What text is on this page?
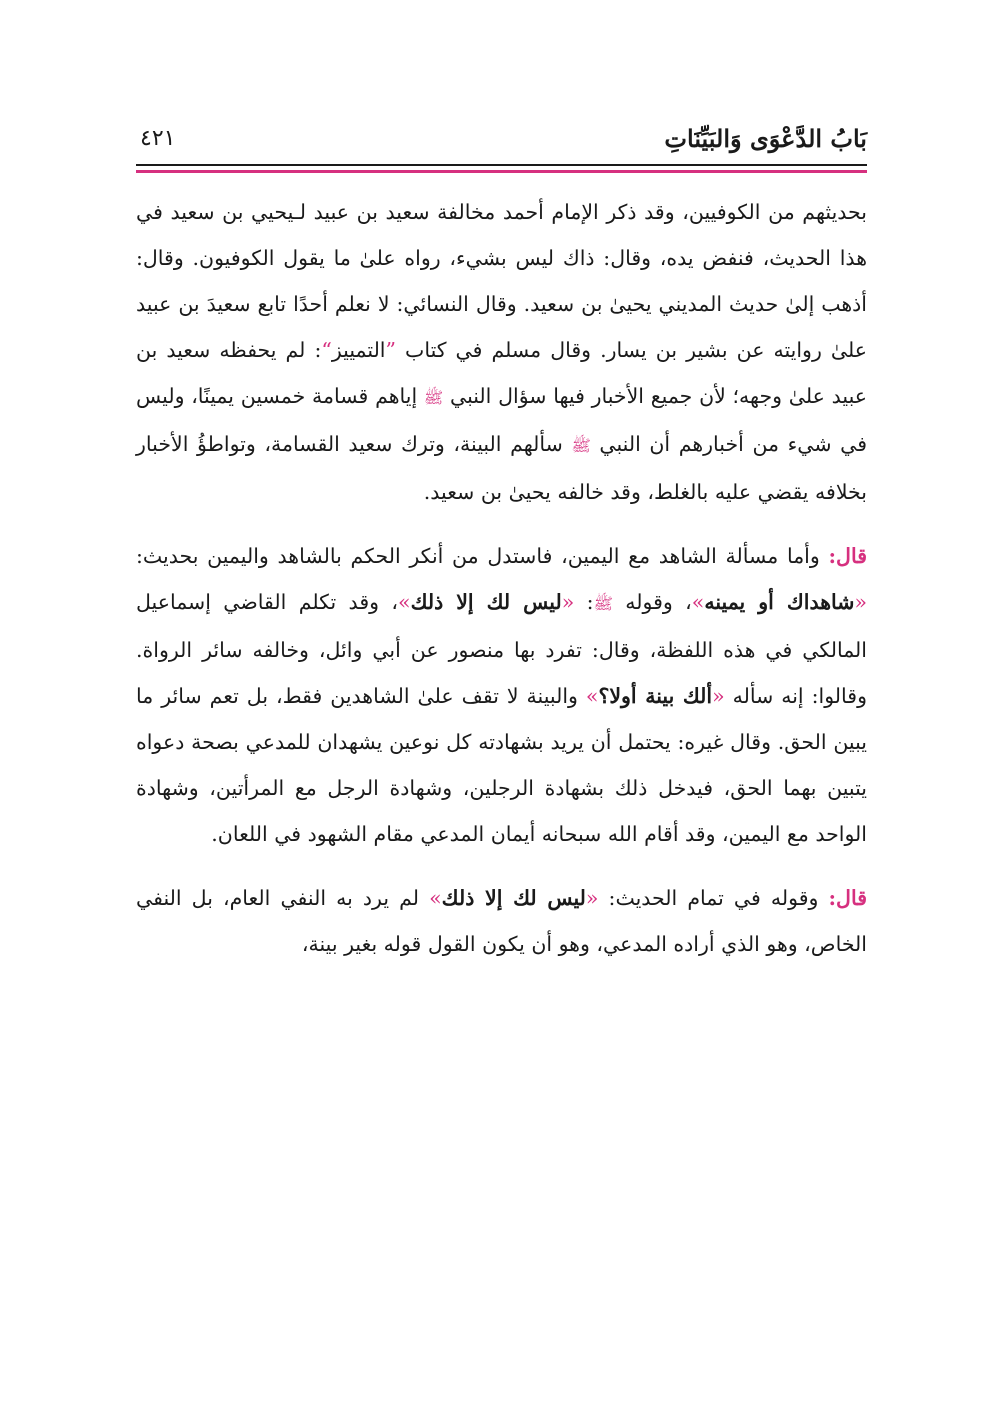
بَابُ الدَّعْوَى وَالبَيِّنَاتِ
٤٢١

بحديثهم من الكوفيين، وقد ذكر الإمام أحمد مخالفة سعيد بن عبيد لـيحيي بن سعيد في هذا الحديث، فنفض يده، وقال: ذاك ليس بشيء، رواه علىٰ ما يقول الكوفيون. وقال: أذهب إلىٰ حديث المديني يحيىٰ بن سعيد. وقال النسائي: لا نعلم أحدًا تابع سعيدَ بن عبيد علىٰ روايته عن بشير بن يسار. وقال مسلم في كتاب ”التمييز“: لم يحفظه سعيد بن عبيد علىٰ وجهه؛ لأن جميع الأخبار فيها سؤال النبي ﷺ إياهم قسامة خمسين يمينًا، وليس في شيء من أخبارهم أن النبي ﷺ سألهم البينة، وترك سعيد القسامة، وتواطؤُ الأخبار بخلافه يقضي عليه بالغلط، وقد خالفه يحيىٰ بن سعيد.

قال: وأما مسألة الشاهد مع اليمين، فاستدل من أنكر الحكم بالشاهد واليمين بحديث: «شاهداك أو يمينه»، وقوله ﷺ: «ليس لك إلا ذلك»، وقد تكلم القاضي إسماعيل المالكي في هذه اللفظة، وقال: تفرد بها منصور عن أبي وائل، وخالفه سائر الرواة. وقالوا: إنه سأله «ألك بينة أولا؟» والبينة لا تقف علىٰ الشاهدين فقط، بل تعم سائر ما يبين الحق. وقال غيره: يحتمل أن يريد بشهادته كل نوعين يشهدان للمدعي بصحة دعواه يتبين بهما الحق، فيدخل ذلك بشهادة الرجلين، وشهادة الرجل مع المرأتين، وشهادة الواحد مع اليمين، وقد أقام الله سبحانه أيمان المدعي مقام الشهود في اللعان.

قال: وقوله في تمام الحديث: «ليس لك إلا ذلك» لم يرد به النفي العام، بل النفي الخاص، وهو الذي أراده المدعي، وهو أن يكون القول قوله بغير بينة،
